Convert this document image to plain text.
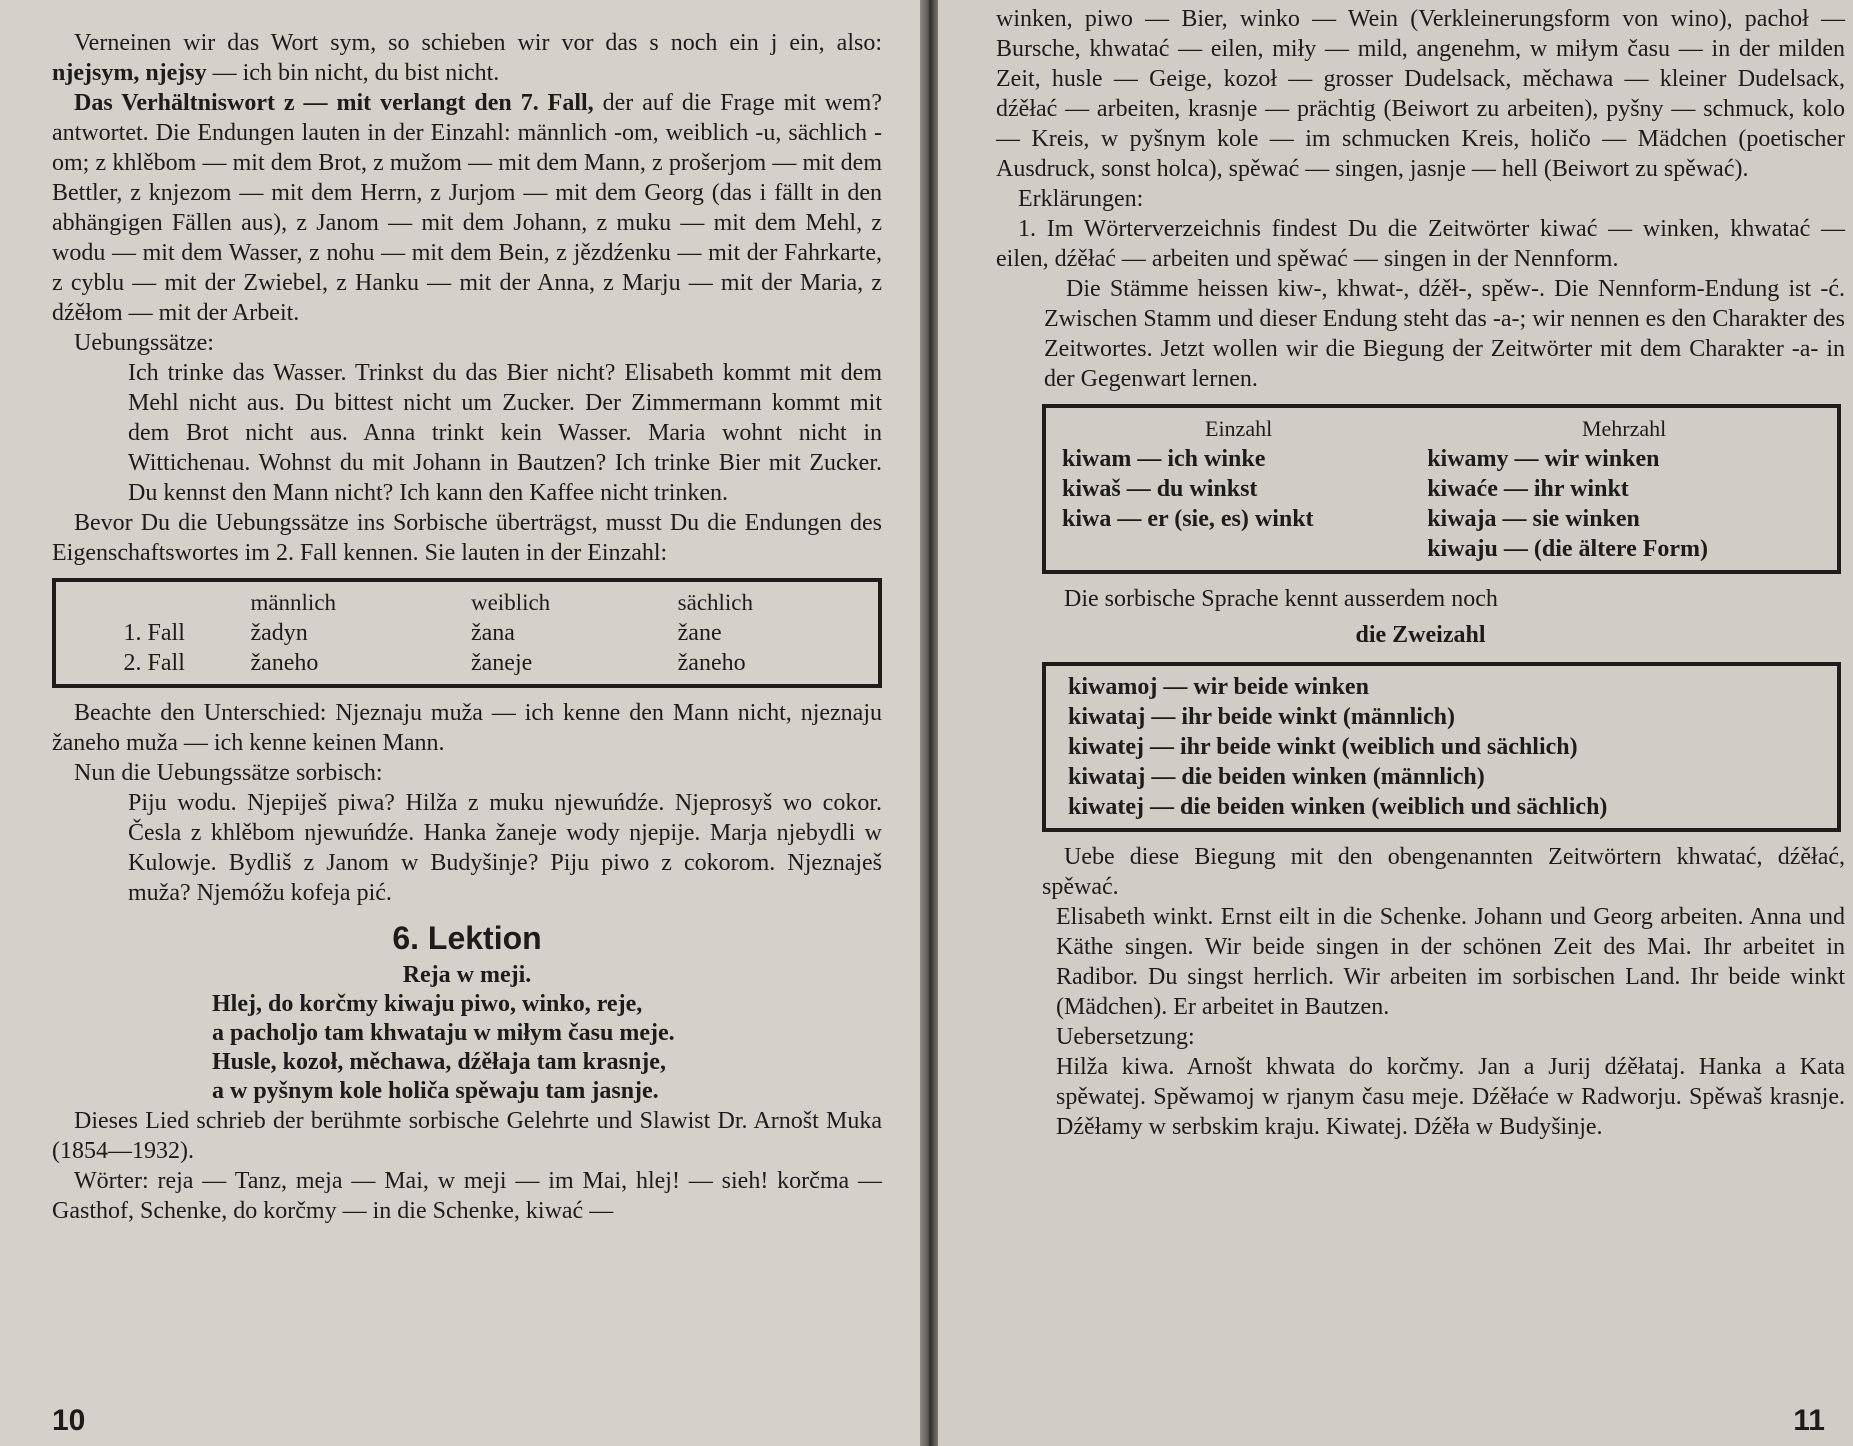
Verneinen wir das Wort sym, so schieben wir vor das s noch ein j ein, also: njejsym, njejsy — ich bin nicht, du bist nicht.

Das Verhältniswort z — mit verlangt den 7. Fall, der auf die Frage mit wem? antwortet. Die Endungen lauten in der Einzahl: männlich -om, weiblich -u, sächlich -om; z khlěbom — mit dem Brot, z mužom — mit dem Mann, z prošerjom — mit dem Bettler, z knjezom — mit dem Herrn, z Jurjom — mit dem Georg (das i fällt in den abhängigen Fällen aus), z Janom — mit dem Johann, z muku — mit dem Mehl, z wodu — mit dem Wasser, z nohu — mit dem Bein, z jězdźenku — mit der Fahrkarte, z cyblu — mit der Zwiebel, z Hanku — mit der Anna, z Marju — mit der Maria, z dźěłom — mit der Arbeit.

Uebungssätze:

Ich trinke das Wasser. Trinkst du das Bier nicht? Elisabeth kommt mit dem Mehl nicht aus. Du bittest nicht um Zucker. Der Zimmermann kommt mit dem Brot nicht aus. Anna trinkt kein Wasser. Maria wohnt nicht in Wittichenau. Wohnst du mit Johann in Bautzen? Ich trinke Bier mit Zucker. Du kennst den Mann nicht? Ich kann den Kaffee nicht trinken.

Bevor Du die Uebungssätze ins Sorbische überträgst, musst Du die Endungen des Eigenschaftswortes im 2. Fall kennen. Sie lauten in der Einzahl:

	männlich	weiblich	sächlich
1. Fall	žadyn	žana	žane
2. Fall	žaneho	žaneje	žaneho

Beachte den Unterschied: Njeznaju muža — ich kenne den Mann nicht, njeznaju žaneho muža — ich kenne keinen Mann.

Nun die Uebungssätze sorbisch:

Piju wodu. Njepiješ piwa? Hilža z muku njewuńdźe. Njeprosyš wo cokor. Česla z khlěbom njewuńdźe. Hanka žaneje wody njepije. Marja njebydli w Kulowje. Bydliš z Janom w Budyšinje? Piju piwo z cokorom. Njeznaješ muža? Njemóžu kofeja pić.

6. Lektion
Reja w meji.
Hlej, do korčmy kiwaju piwo, winko, reje,
a pacholjo tam khwataju w miłym času meje.
Husle, kozoł, měchawa, dźěłaja tam krasnje,
a w pyšnym kole holiča spěwaju tam jasnje.

Dieses Lied schrieb der berühmte sorbische Gelehrte und Slawist Dr. Arnošt Muka (1854—1932).

Wörter: reja — Tanz, meja — Mai, w meji — im Mai, hlej! — sieh! korčma — Gasthof, Schenke, do korčmy — in die Schenke, kiwać —

10

winken, piwo — Bier, winko — Wein (Verkleinerungsform von wino), pachoł — Bursche, khwatać — eilen, miły — mild, angenehm, w miłym času — in der milden Zeit, husle — Geige, kozoł — grosser Dudelsack, měchawa — kleiner Dudelsack, dźěłać — arbeiten, krasnje — prächtig (Beiwort zu arbeiten), pyšny — schmuck, kolo — Kreis, w pyšnym kole — im schmucken Kreis, holičo — Mädchen (poetischer Ausdruck, sonst holca), spěwać — singen, jasnje — hell (Beiwort zu spěwać).

Erklärungen:

1. Im Wörterverzeichnis findest Du die Zeitwörter kiwać — winken, khwatać — eilen, dźěłać — arbeiten und spěwać — singen in der Nennform.

Die Stämme heissen kiw-, khwat-, dźěł-, spěw-. Die Nennform-Endung ist -ć. Zwischen Stamm und dieser Endung steht das -a-; wir nennen es den Charakter des Zeitwortes. Jetzt wollen wir die Biegung der Zeitwörter mit dem Charakter -a- in der Gegenwart lernen.

Einzahl	Mehrzahl
kiwam — ich winke	kiwamy — wir winken
kiwaš — du winkst	kiwaće — ihr winkt
kiwa — er (sie, es) winkt	kiwaja — sie winken
	kiwaju — (die ältere Form)

Die sorbische Sprache kennt ausserdem noch

die Zweizahl
kiwamoj — wir beide winken
kiwataj — ihr beide winkt (männlich)
kiwatej — ihr beide winkt (weiblich und sächlich)
kiwataj — die beiden winken (männlich)
kiwatej — die beiden winken (weiblich und sächlich)

Uebe diese Biegung mit den obengenannten Zeitwörtern khwatać, dźěłać, spěwać.

Elisabeth winkt. Ernst eilt in die Schenke. Johann und Georg arbeiten. Anna und Käthe singen. Wir beide singen in der schönen Zeit des Mai. Ihr arbeitet in Radibor. Du singst herrlich. Wir arbeiten im sorbischen Land. Ihr beide winkt (Mädchen). Er arbeitet in Bautzen.

Uebersetzung:

Hilža kiwa. Arnošt khwata do korčmy. Jan a Jurij dźěłataj. Hanka a Kata spěwatej. Spěwamoj w rjanym času meje. Dźěłaće w Radworju. Spěwaš krasnje. Dźěłamy w serbskim kraju. Kiwatej. Dźěła w Budyšinje.

11
